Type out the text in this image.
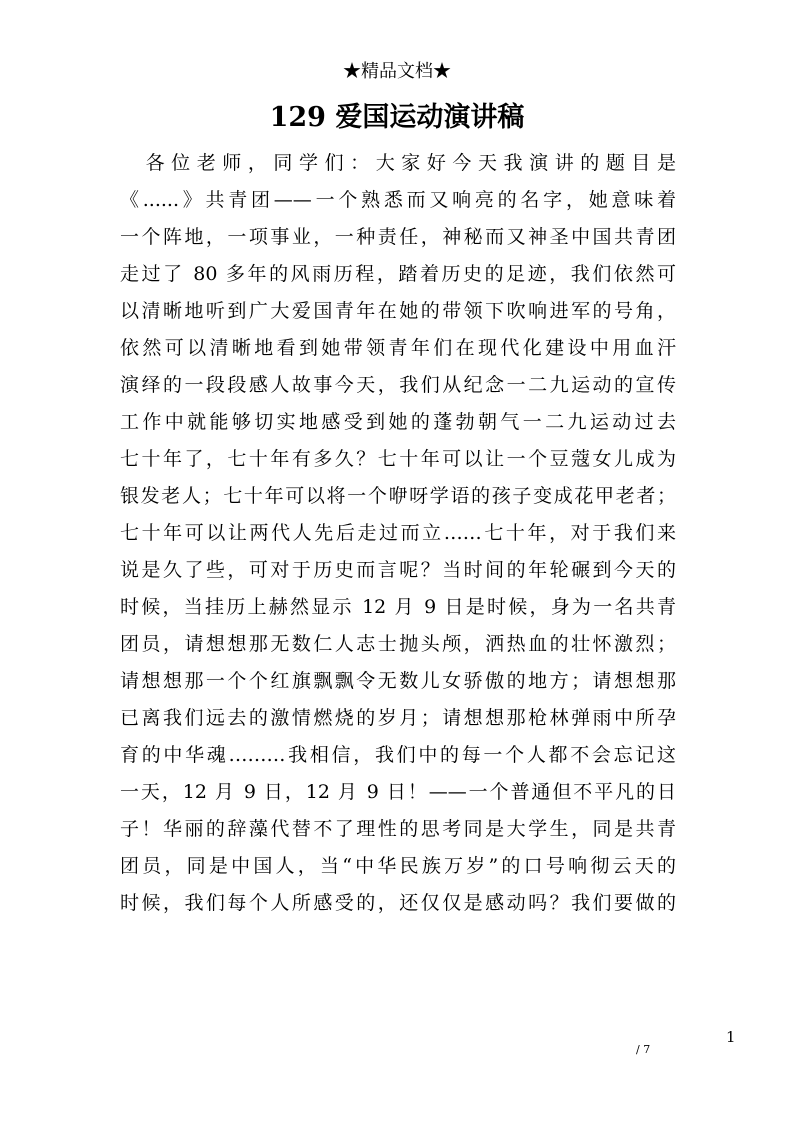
★精品文档★
129 爱国运动演讲稿
　各位老师，同学们：大家好今天我演讲的题目是
《......》共青团——一个熟悉而又响亮的名字，她意味着
一个阵地，一项事业，一种责任，神秘而又神圣中国共青团
走过了 80 多年的风雨历程，踏着历史的足迹，我们依然可
以清晰地听到广大爱国青年在她的带领下吹响进军的号角，
依然可以清晰地看到她带领青年们在现代化建设中用血汗
演绎的一段段感人故事今天，我们从纪念一二九运动的宣传
工作中就能够切实地感受到她的蓬勃朝气一二九运动过去
七十年了，七十年有多久？七十年可以让一个豆蔻女儿成为
银发老人；七十年可以将一个咿呀学语的孩子变成花甲老者；
七十年可以让两代人先后走过而立……七十年，对于我们来
说是久了些，可对于历史而言呢？当时间的年轮碾到今天的
时候，当挂历上赫然显示 12 月 9 日是时候，身为一名共青
团员，请想想那无数仁人志士抛头颅，洒热血的壮怀激烈；
请想想那一个个红旗飘飘令无数儿女骄傲的地方；请想想那
已离我们远去的激情燃烧的岁月；请想想那枪林弹雨中所孕
育的中华魂………我相信，我们中的每一个人都不会忘记这
一天，12 月 9 日，12 月 9 日！——一个普通但不平凡的日
子！华丽的辞藻代替不了理性的思考同是大学生，同是共青
团员，同是中国人，当“中华民族万岁”的口号响彻云天的
时候，我们每个人所感受的，还仅仅是感动吗？我们要做的
1
/ 7
